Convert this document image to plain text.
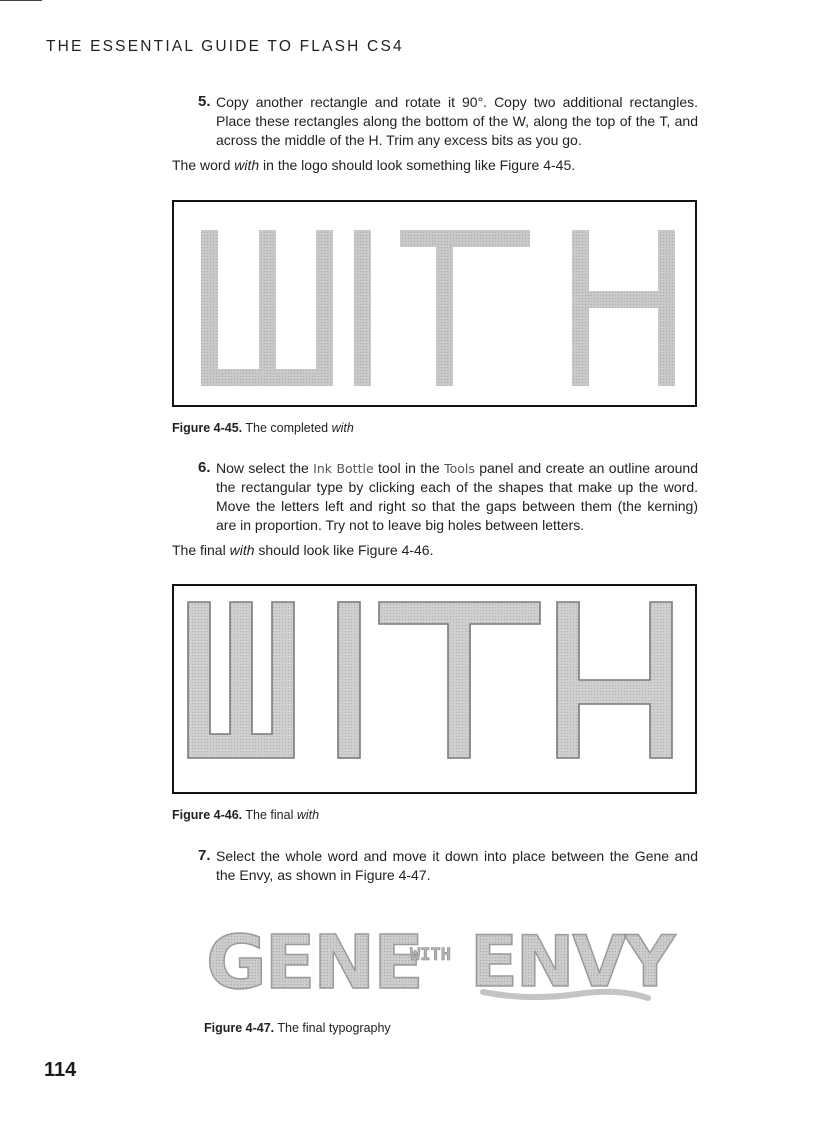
THE ESSENTIAL GUIDE TO FLASH CS4
5. Copy another rectangle and rotate it 90°. Copy two additional rectangles. Place these rectangles along the bottom of the W, along the top of the T, and across the middle of the H. Trim any excess bits as you go.
The word with in the logo should look something like Figure 4-45.
Figure 4-45. The completed with
6. Now select the Ink Bottle tool in the Tools panel and create an outline around the rectangular type by clicking each of the shapes that make up the word. Move the letters left and right so that the gaps between them (the kerning) are in proportion. Try not to leave big holes between letters.
The final with should look like Figure 4-46.
Figure 4-46. The final with
7. Select the whole word and move it down into place between the Gene and the Envy, as shown in Figure 4-47.
GENE
WITH ENVY
Figure 4-47. The final typography
114
